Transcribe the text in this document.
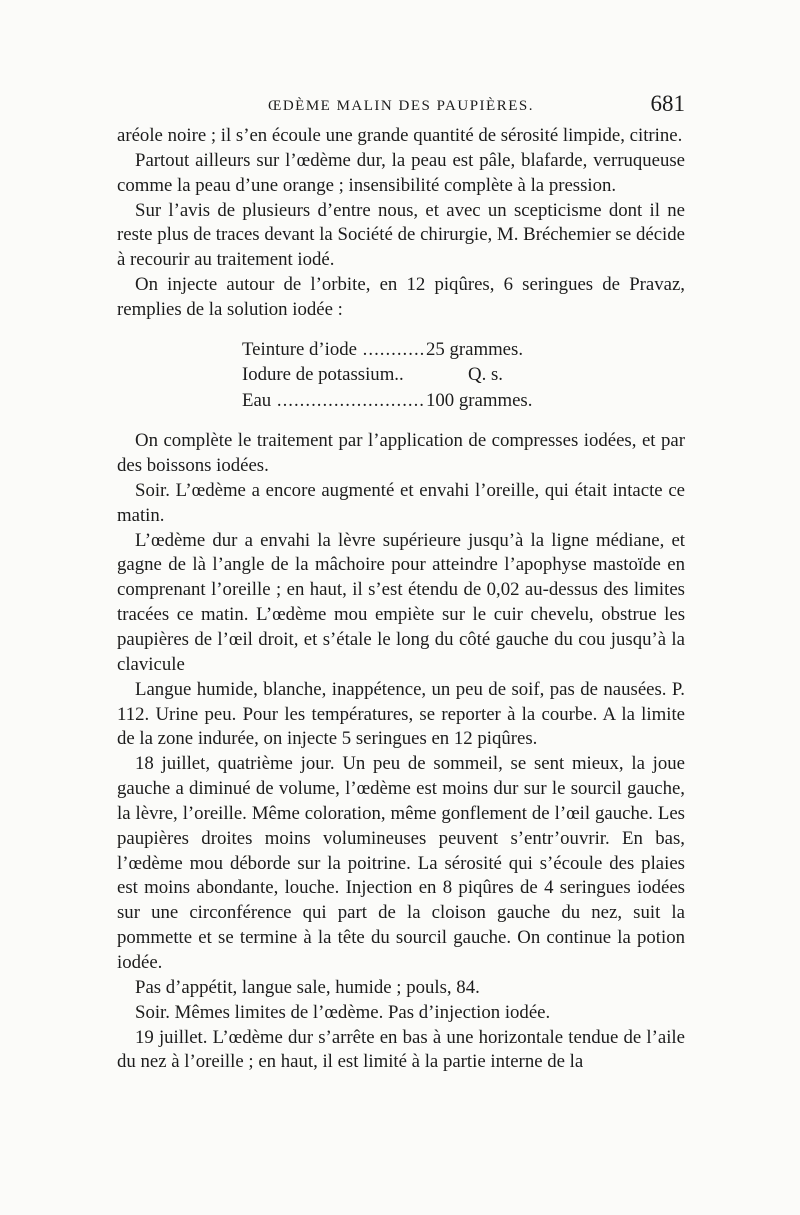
ŒDÈME MALIN DES PAUPIÈRES.	681

aréole noire ; il s’en écoule une grande quantité de sérosité limpide, citrine.

Partout ailleurs sur l’œdème dur, la peau est pâle, blafarde, verruqueuse comme la peau d’une orange ; insensibilité complète à la pression.

Sur l’avis de plusieurs d’entre nous, et avec un scepticisme dont il ne reste plus de traces devant la Société de chirurgie, M. Bréchemier se décide à recourir au traitement iodé.

On injecte autour de l’orbite, en 12 piqûres, 6 seringues de Pravaz, remplies de la solution iodée :

Teinture d’iode .....	25 grammes.
Iodure de potassium..	Q. s.
Eau .....	100 grammes.

On complète le traitement par l’application de compresses iodées, et par des boissons iodées.

Soir. L’œdème a encore augmenté et envahi l’oreille, qui était intacte ce matin.

L’œdème dur a envahi la lèvre supérieure jusqu’à la ligne médiane, et gagne de là l’angle de la mâchoire pour atteindre l’apophyse mastoïde en comprenant l’oreille ; en haut, il s’est étendu de 0,02 au-dessus des limites tracées ce matin. L’œdème mou empiète sur le cuir chevelu, obstrue les paupières de l’œil droit, et s’étale le long du côté gauche du cou jusqu’à la clavicule

Langue humide, blanche, inappétence, un peu de soif, pas de nausées. P. 112. Urine peu. Pour les températures, se reporter à la courbe. A la limite de la zone indurée, on injecte 5 seringues en 12 piqûres.

18 juillet, quatrième jour. Un peu de sommeil, se sent mieux, la joue gauche a diminué de volume, l’œdème est moins dur sur le sourcil gauche, la lèvre, l’oreille. Même coloration, même gonflement de l’œil gauche. Les paupières droites moins volumineuses peuvent s’entr’ouvrir. En bas, l’œdème mou déborde sur la poitrine. La sérosité qui s’écoule des plaies est moins abondante, louche. Injection en 8 piqûres de 4 seringues iodées sur une circonférence qui part de la cloison gauche du nez, suit la pommette et se termine à la tête du sourcil gauche. On continue la potion iodée.

Pas d’appétit, langue sale, humide ; pouls, 84.

Soir. Mêmes limites de l’œdème. Pas d’injection iodée.

19 juillet. L’œdème dur s’arrête en bas à une horizontale tendue de l’aile du nez à l’oreille ; en haut, il est limité à la partie interne de la
